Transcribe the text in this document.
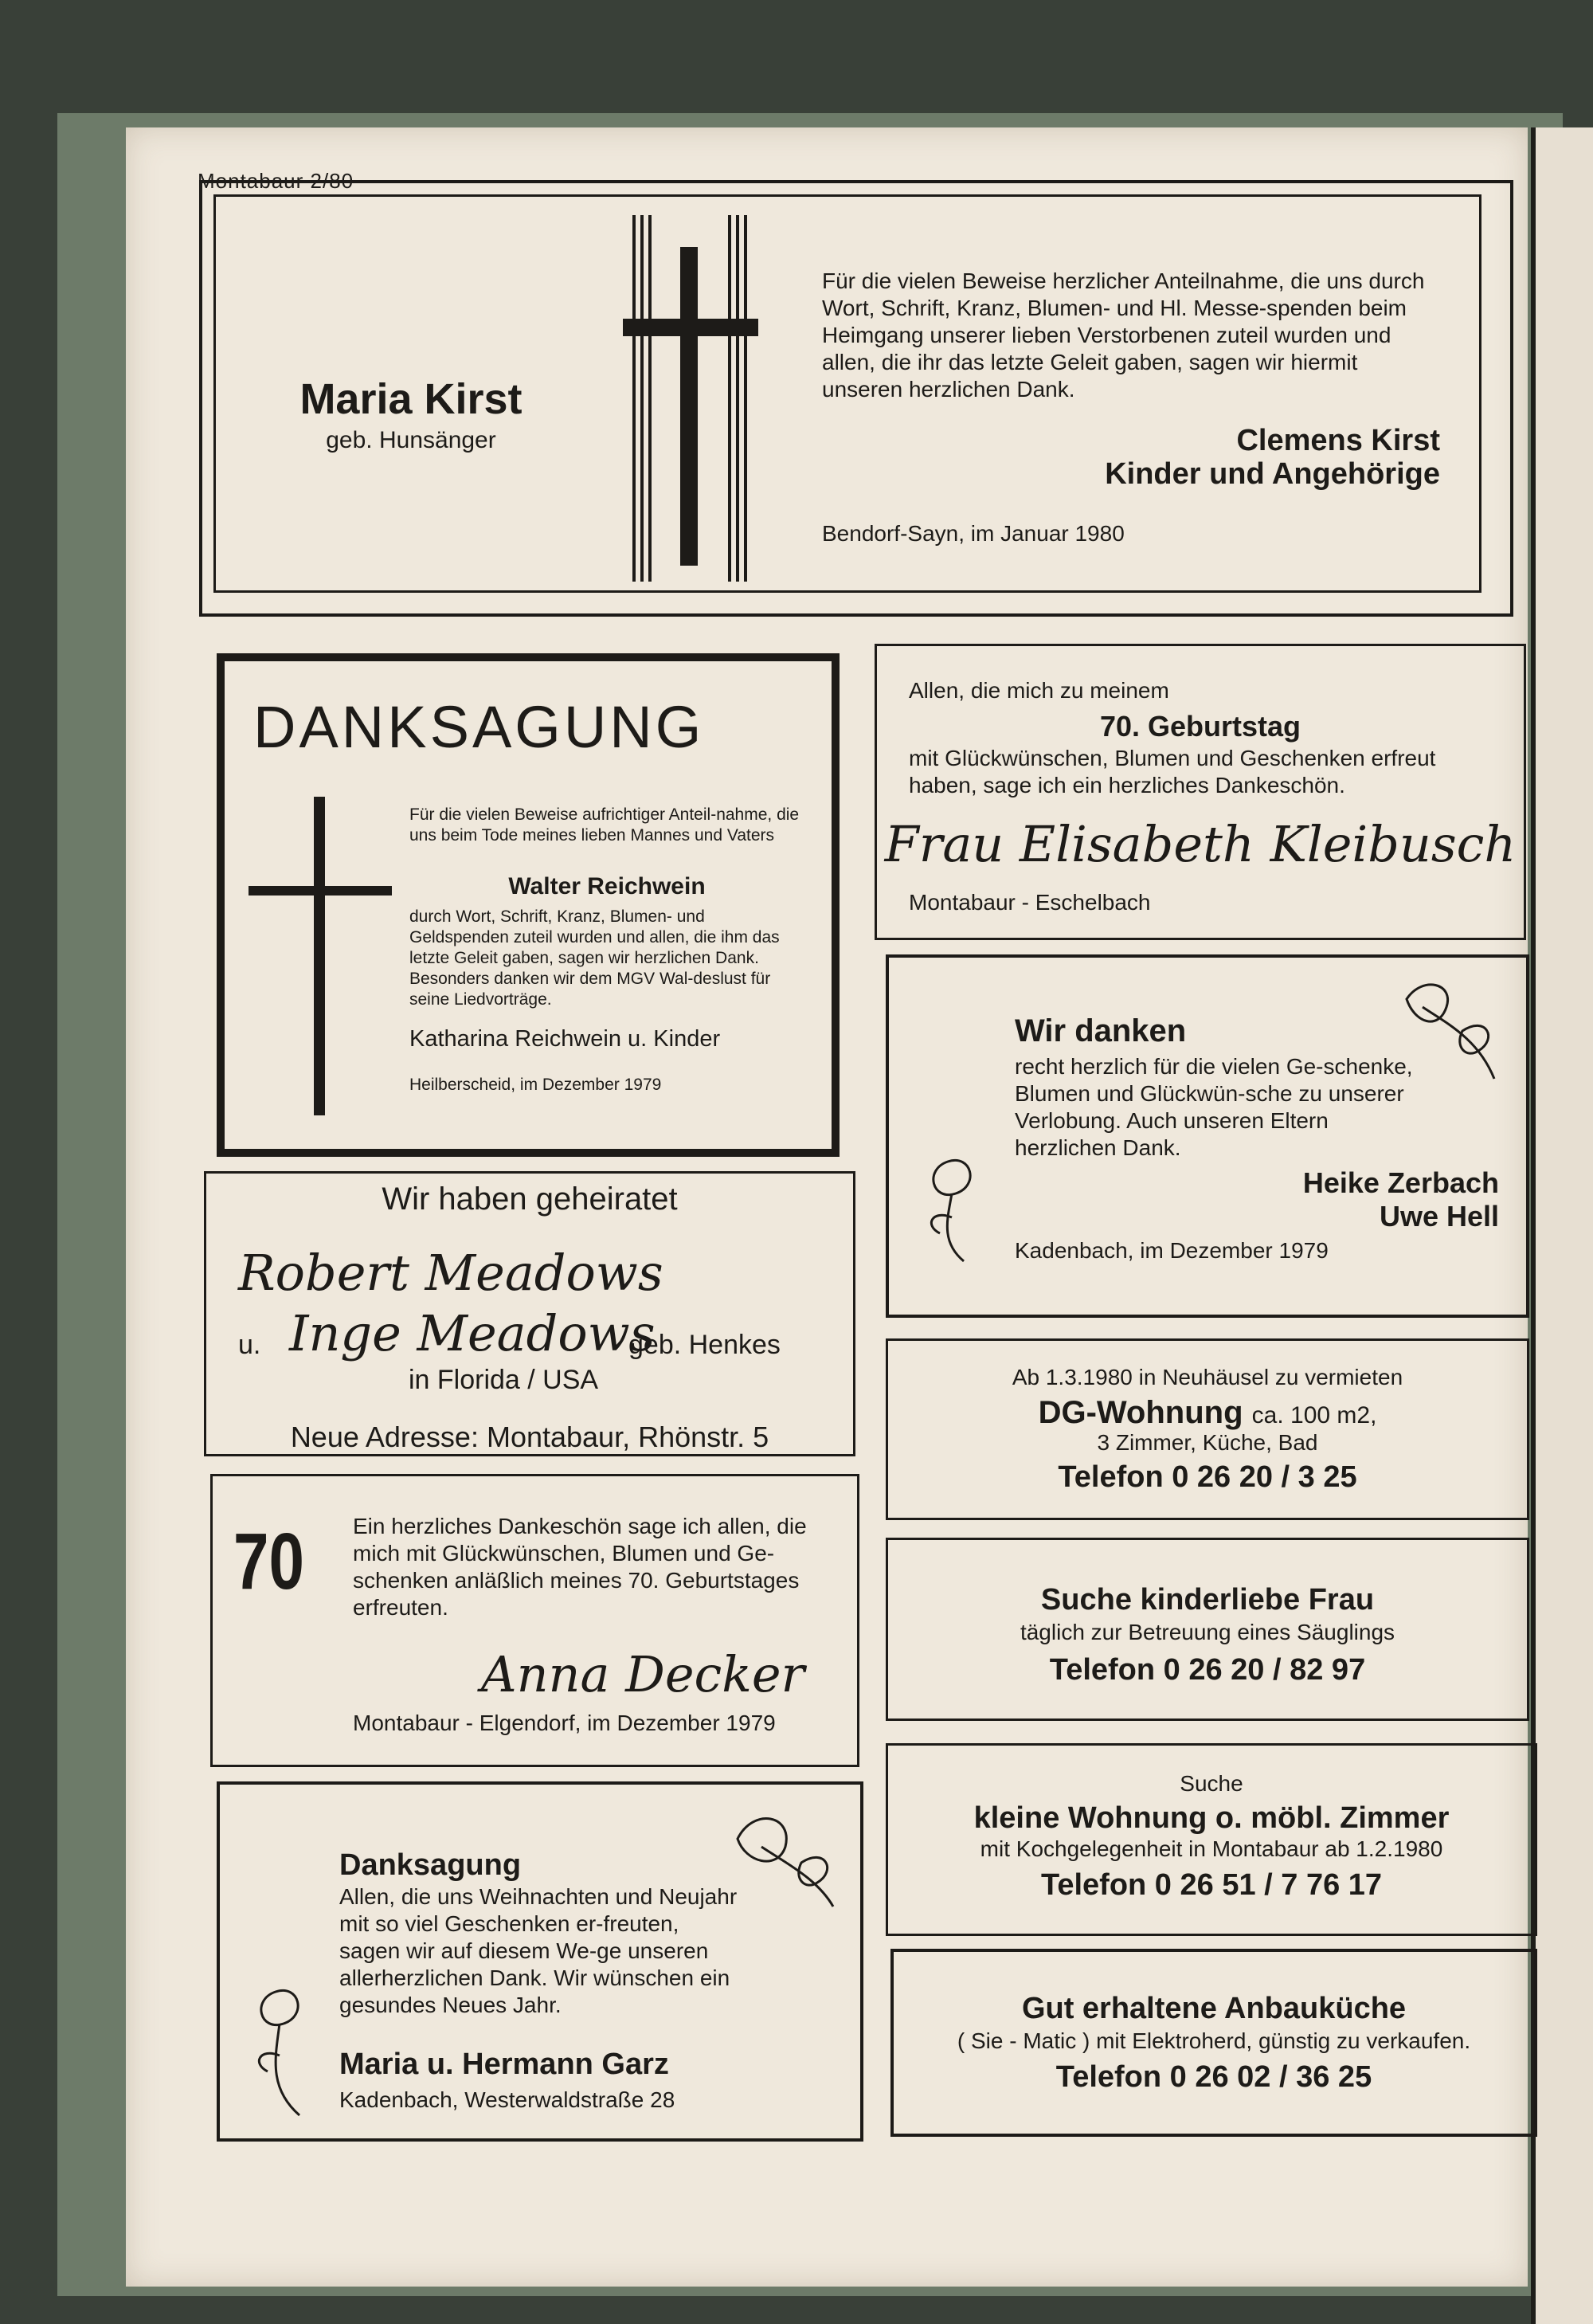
Montabaur 2/80
Maria Kirst
geb. Hunsänger
Für die vielen Beweise herzlicher Anteilnahme, die uns durch Wort, Schrift, Kranz, Blumen- und Hl. Messe-spenden beim Heimgang unserer lieben Verstorbenen zuteil wurden und allen, die ihr das letzte Geleit gaben, sagen wir hiermit unseren herzlichen Dank.
Clemens Kirst
Kinder und Angehörige
Bendorf-Sayn, im Januar 1980
DANKSAGUNG
Für die vielen Beweise aufrichtiger Anteil-nahme, die uns beim Tode meines lieben Mannes und Vaters
Walter Reichwein
durch Wort, Schrift, Kranz, Blumen- und Geldspenden zuteil wurden und allen, die ihm das letzte Geleit gaben, sagen wir herzlichen Dank. Besonders danken wir dem MGV Wal-deslust für seine Liedvorträge.
Katharina Reichwein u. Kinder
Heilberscheid, im Dezember 1979
Allen, die mich zu meinem
70. Geburtstag
mit Glückwünschen, Blumen und Geschenken erfreut haben, sage ich ein herzliches Dankeschön.
Frau Elisabeth Kleibusch
Montabaur - Eschelbach
Wir haben geheiratet
Robert Meadows
u. Inge Meadows
geb. Henkes
in Florida / USA
Neue Adresse: Montabaur, Rhönstr. 5
Wir danken
recht herzlich für die vielen Ge-schenke, Blumen und Glückwün-sche zu unserer Verlobung. Auch unseren Eltern herzlichen Dank.
Heike Zerbach
Uwe Hell
Kadenbach, im Dezember 1979
Ab 1.3.1980 in Neuhäusel zu vermieten
DG-Wohnung ca. 100 m2,
3 Zimmer, Küche, Bad
Telefon 0 26 20 / 3 25
70 Ein herzliches Dankeschön sage ich allen, die mich mit Glückwünschen, Blumen und Ge-schenken anläßlich meines 70. Geburtstages erfreuten.
Anna Decker
Montabaur - Elgendorf, im Dezember 1979
Suche kinderliebe Frau
täglich zur Betreuung eines Säuglings
Telefon 0 26 20 / 82 97
Suche
kleine Wohnung o. möbl. Zimmer
mit Kochgelegenheit in Montabaur ab 1.2.1980
Telefon 0 26 51 / 7 76 17
Danksagung
Allen, die uns Weihnachten und Neujahr mit so viel Geschenken er-freuten, sagen wir auf diesem We-ge unseren allerherzlichen Dank. Wir wünschen ein gesundes Neues Jahr.
Maria u. Hermann Garz
Kadenbach, Westerwaldstraße 28
Gut erhaltene Anbauküche
( Sie - Matic ) mit Elektroherd, günstig zu verkaufen.
Telefon 0 26 02 / 36 25
